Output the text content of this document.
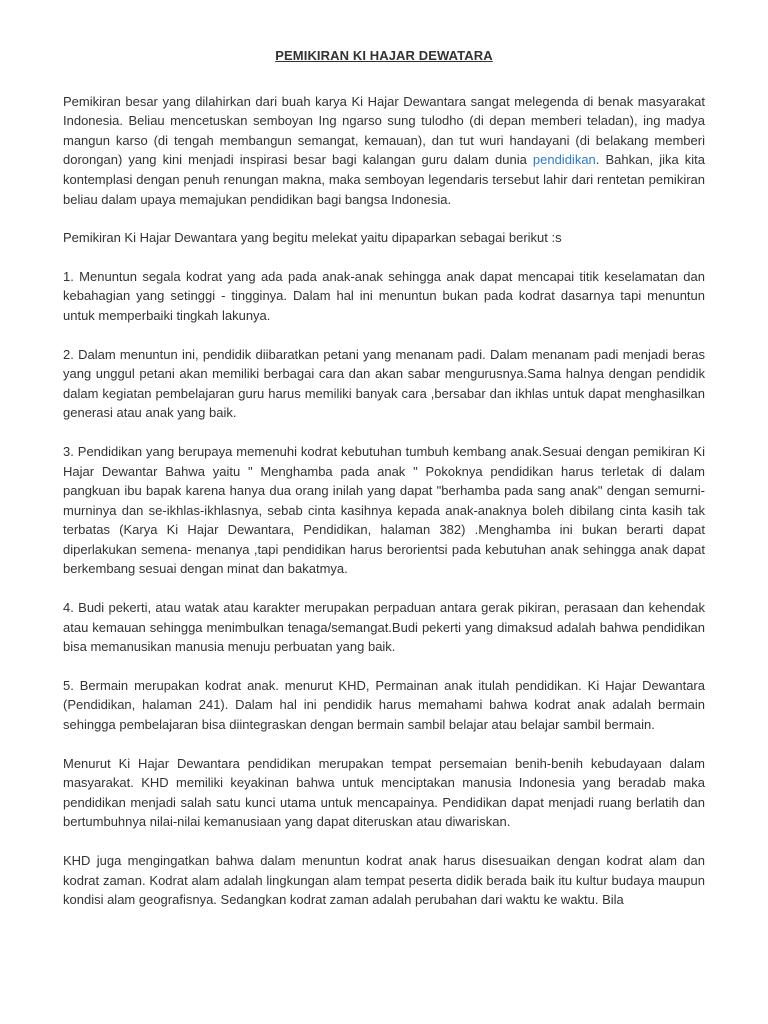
PEMIKIRAN KI HAJAR DEWATARA

Pemikiran besar yang dilahirkan dari buah karya Ki Hajar Dewantara sangat melegenda di benak masyarakat Indonesia. Beliau mencetuskan semboyan Ing ngarso sung tulodho (di depan memberi teladan), ing madya mangun karso (di tengah membangun semangat, kemauan), dan tut wuri handayani (di belakang memberi dorongan) yang kini menjadi inspirasi besar bagi kalangan guru dalam dunia pendidikan. Bahkan, jika kita kontemplasi dengan penuh renungan makna, maka semboyan legendaris tersebut lahir dari rentetan pemikiran beliau dalam upaya memajukan pendidikan bagi bangsa Indonesia.

Pemikiran Ki Hajar Dewantara yang begitu melekat yaitu dipaparkan sebagai berikut :s

1. Menuntun segala kodrat yang ada pada anak-anak sehingga anak dapat mencapai titik keselamatan dan kebahagian yang setinggi - tingginya. Dalam hal ini menuntun bukan pada kodrat dasarnya tapi menuntun untuk memperbaiki tingkah lakunya.

2. Dalam menuntun ini, pendidik diibaratkan petani yang menanam padi. Dalam menanam padi menjadi beras yang unggul petani akan memiliki berbagai cara dan akan sabar mengurusnya.Sama halnya dengan pendidik dalam kegiatan pembelajaran guru harus memiliki banyak cara ,bersabar dan ikhlas untuk dapat menghasilkan generasi atau anak yang baik.

3. Pendidikan yang berupaya memenuhi kodrat kebutuhan tumbuh kembang anak.Sesuai dengan pemikiran Ki Hajar Dewantar Bahwa yaitu " Menghamba pada anak " Pokoknya pendidikan harus terletak di dalam pangkuan ibu bapak karena hanya dua orang inilah yang dapat "berhamba pada sang anak" dengan semurni-murninya dan se-ikhlas-ikhlasnya, sebab cinta kasihnya kepada anak-anaknya boleh dibilang cinta kasih tak terbatas (Karya Ki Hajar Dewantara, Pendidikan, halaman 382) .Menghamba ini bukan berarti dapat diperlakukan semena- menanya ,tapi pendidikan harus berorientsi pada kebutuhan anak sehingga anak dapat berkembang sesuai dengan minat dan bakatmya.

4. Budi pekerti, atau watak atau karakter merupakan perpaduan antara gerak pikiran, perasaan dan kehendak atau kemauan sehingga menimbulkan tenaga/semangat.Budi pekerti yang dimaksud adalah bahwa pendidikan bisa memanusikan manusia menuju perbuatan yang baik.

5. Bermain merupakan kodrat anak. menurut KHD, Permainan anak itulah pendidikan. Ki Hajar Dewantara (Pendidikan, halaman 241). Dalam hal ini pendidik harus memahami bahwa kodrat anak adalah bermain sehingga pembelajaran bisa diintegraskan dengan bermain sambil belajar atau belajar sambil bermain.

Menurut Ki Hajar Dewantara pendidikan merupakan tempat persemaian benih-benih kebudayaan dalam masyarakat. KHD memiliki keyakinan bahwa untuk menciptakan manusia Indonesia yang beradab maka pendidikan menjadi salah satu kunci utama untuk mencapainya. Pendidikan dapat menjadi ruang berlatih dan bertumbuhnya nilai-nilai kemanusiaan yang dapat diteruskan atau diwariskan.

KHD juga mengingatkan bahwa dalam menuntun kodrat anak harus disesuaikan dengan kodrat alam dan kodrat zaman. Kodrat alam adalah lingkungan alam tempat peserta didik berada baik itu kultur budaya maupun kondisi alam geografisnya. Sedangkan kodrat zaman adalah perubahan dari waktu ke waktu. Bila
